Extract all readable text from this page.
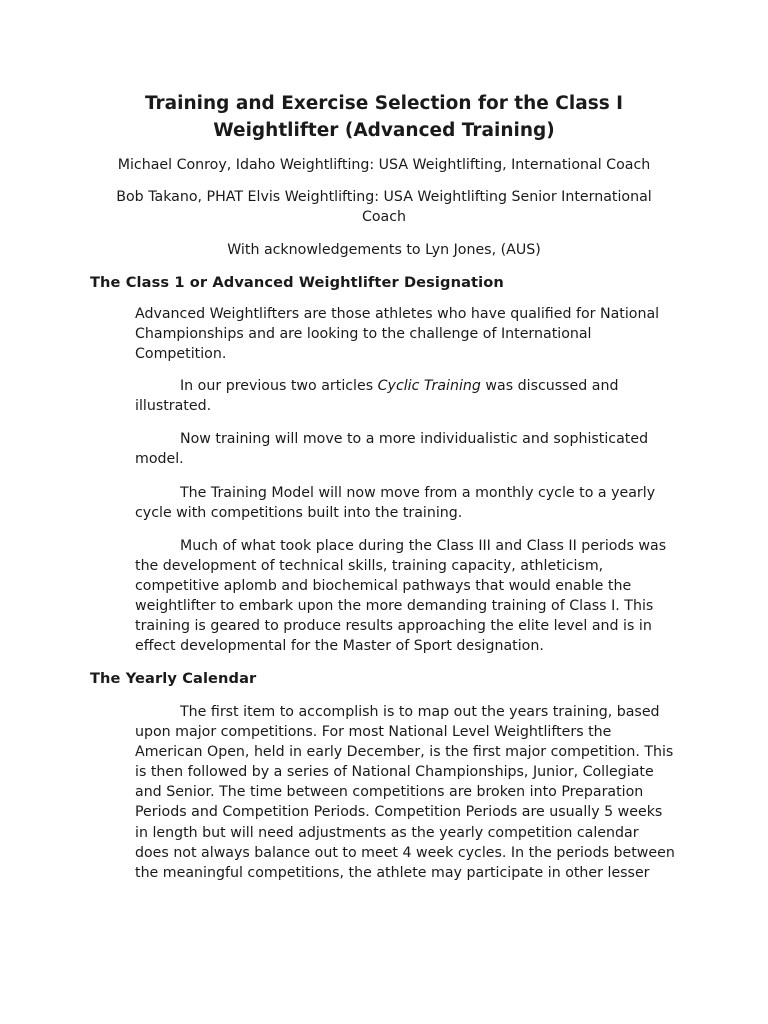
Training and Exercise Selection for the Class I Weightlifter (Advanced Training)

Michael Conroy, Idaho Weightlifting: USA Weightlifting, International Coach

Bob Takano, PHAT Elvis Weightlifting: USA Weightlifting Senior International Coach

With acknowledgements to Lyn Jones, (AUS)

The Class 1 or Advanced Weightlifter Designation

Advanced Weightlifters are those athletes who have qualified for National Championships and are looking to the challenge of International Competition.

In our previous two articles Cyclic Training was discussed and illustrated.

Now training will move to a more individualistic and sophisticated model.

The Training Model will now move from a monthly cycle to a yearly cycle with competitions built into the training.

Much of what took place during the Class III and Class II periods was the development of technical skills, training capacity, athleticism, competitive aplomb and biochemical pathways that would enable the weightlifter to embark upon the more demanding training of Class I. This training is geared to produce results approaching the elite level and is in effect developmental for the Master of Sport designation.

The Yearly Calendar

The first item to accomplish is to map out the years training, based upon major competitions. For most National Level Weightlifters the American Open, held in early December, is the first major competition. This is then followed by a series of National Championships, Junior, Collegiate and Senior. The time between competitions are broken into Preparation Periods and Competition Periods. Competition Periods are usually 5 weeks in length but will need adjustments as the yearly competition calendar does not always balance out to meet 4 week cycles. In the periods between the meaningful competitions, the athlete may participate in other lesser
